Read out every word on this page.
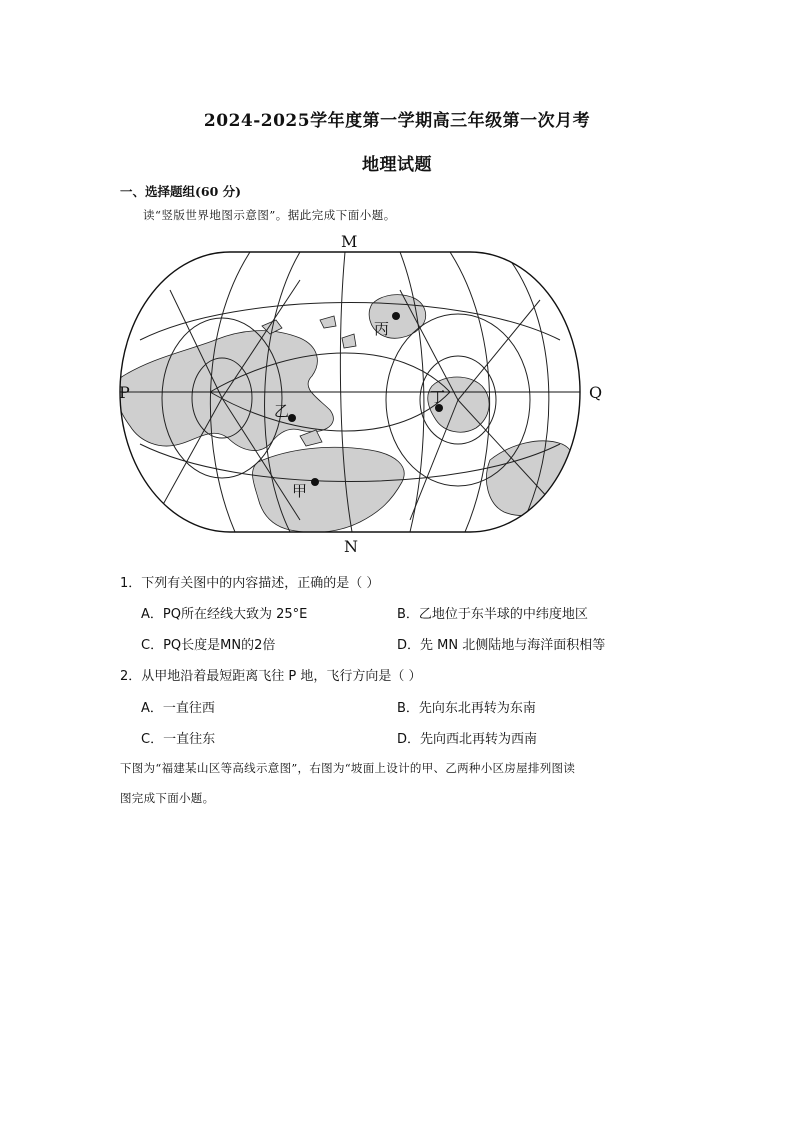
2024-2025学年度第一学期高三年级第一次月考
地理试题
一、选择题组(60 分)
读“竖版世界地图示意图”。据此完成下面小题。
M
N
P	Q
丙
乙
丁
甲
1．下列有关图中的内容描述，正确的是（ ）
A．PQ所在经线大致为 25°E	B．乙地位于东半球的中纬度地区
C．PQ长度是MN的2倍	D．先 MN 北侧陆地与海洋面积相等
2．从甲地沿着最短距离飞往 P 地，飞行方向是（ ）
A．一直往西	B．先向东北再转为东南
C．一直往东	D．先向西北再转为西南
下图为“福建某山区等高线示意图”，右图为“坡面上设计的甲、乙两种小区房屋排列图读
图完成下面小题。
